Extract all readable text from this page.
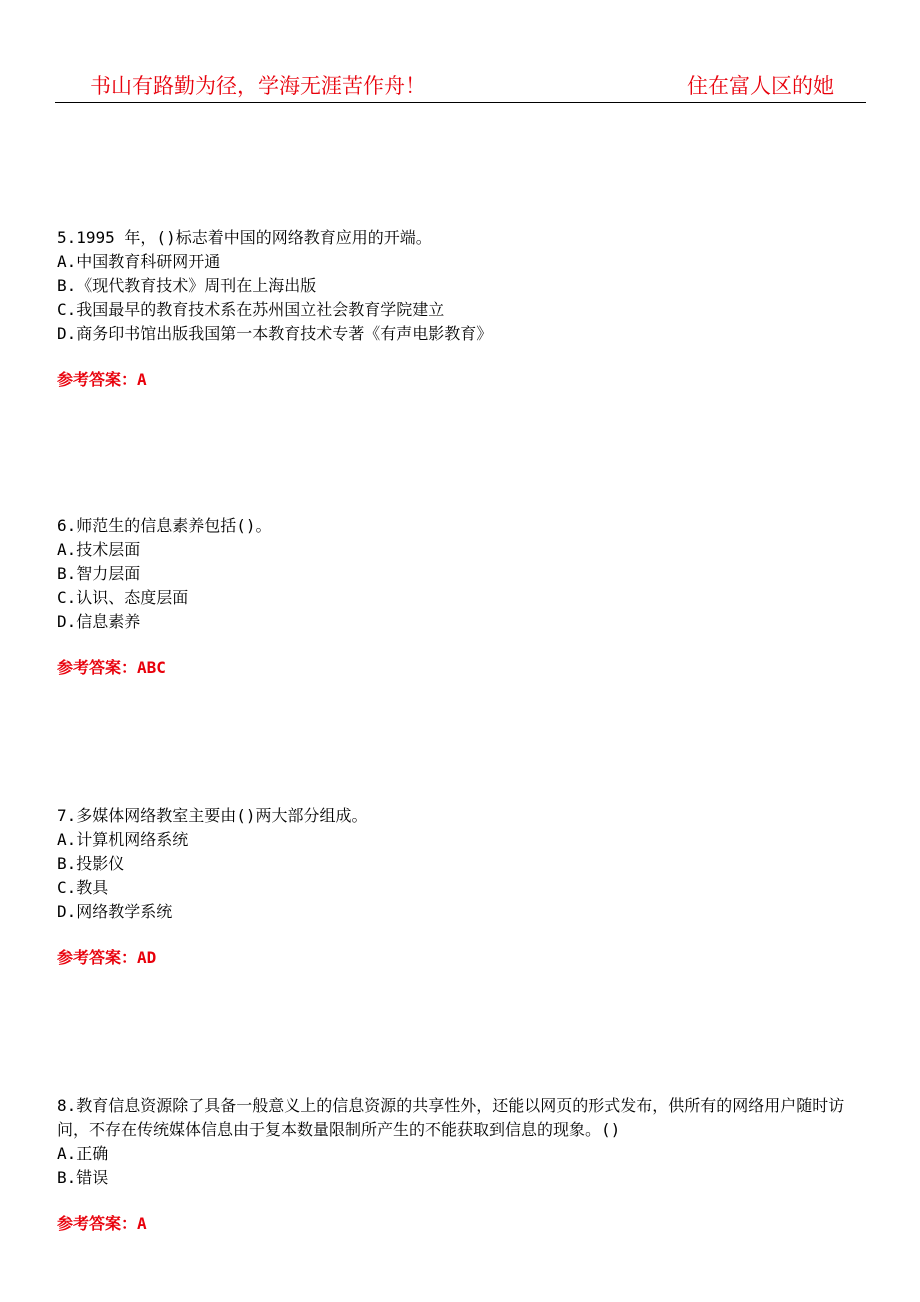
书山有路勤为径，学海无涯苦作舟！	住在富人区的她

5.1995 年，()标志着中国的网络教育应用的开端。

A.中国教育科研网开通

B.《现代教育技术》周刊在上海出版

C.我国最早的教育技术系在苏州国立社会教育学院建立

D.商务印书馆出版我国第一本教育技术专著《有声电影教育》

参考答案：A

6.师范生的信息素养包括()。

A.技术层面

B.智力层面

C.认识、态度层面

D.信息素养

参考答案：ABC

7.多媒体网络教室主要由()两大部分组成。

A.计算机网络系统

B.投影仪

C.教具

D.网络教学系统

参考答案：AD

8.教育信息资源除了具备一般意义上的信息资源的共享性外，还能以网页的形式发布，供所有的网络用户随时访问，不存在传统媒体信息由于复本数量限制所产生的不能获取到信息的现象。()

A.正确

B.错误

参考答案：A
